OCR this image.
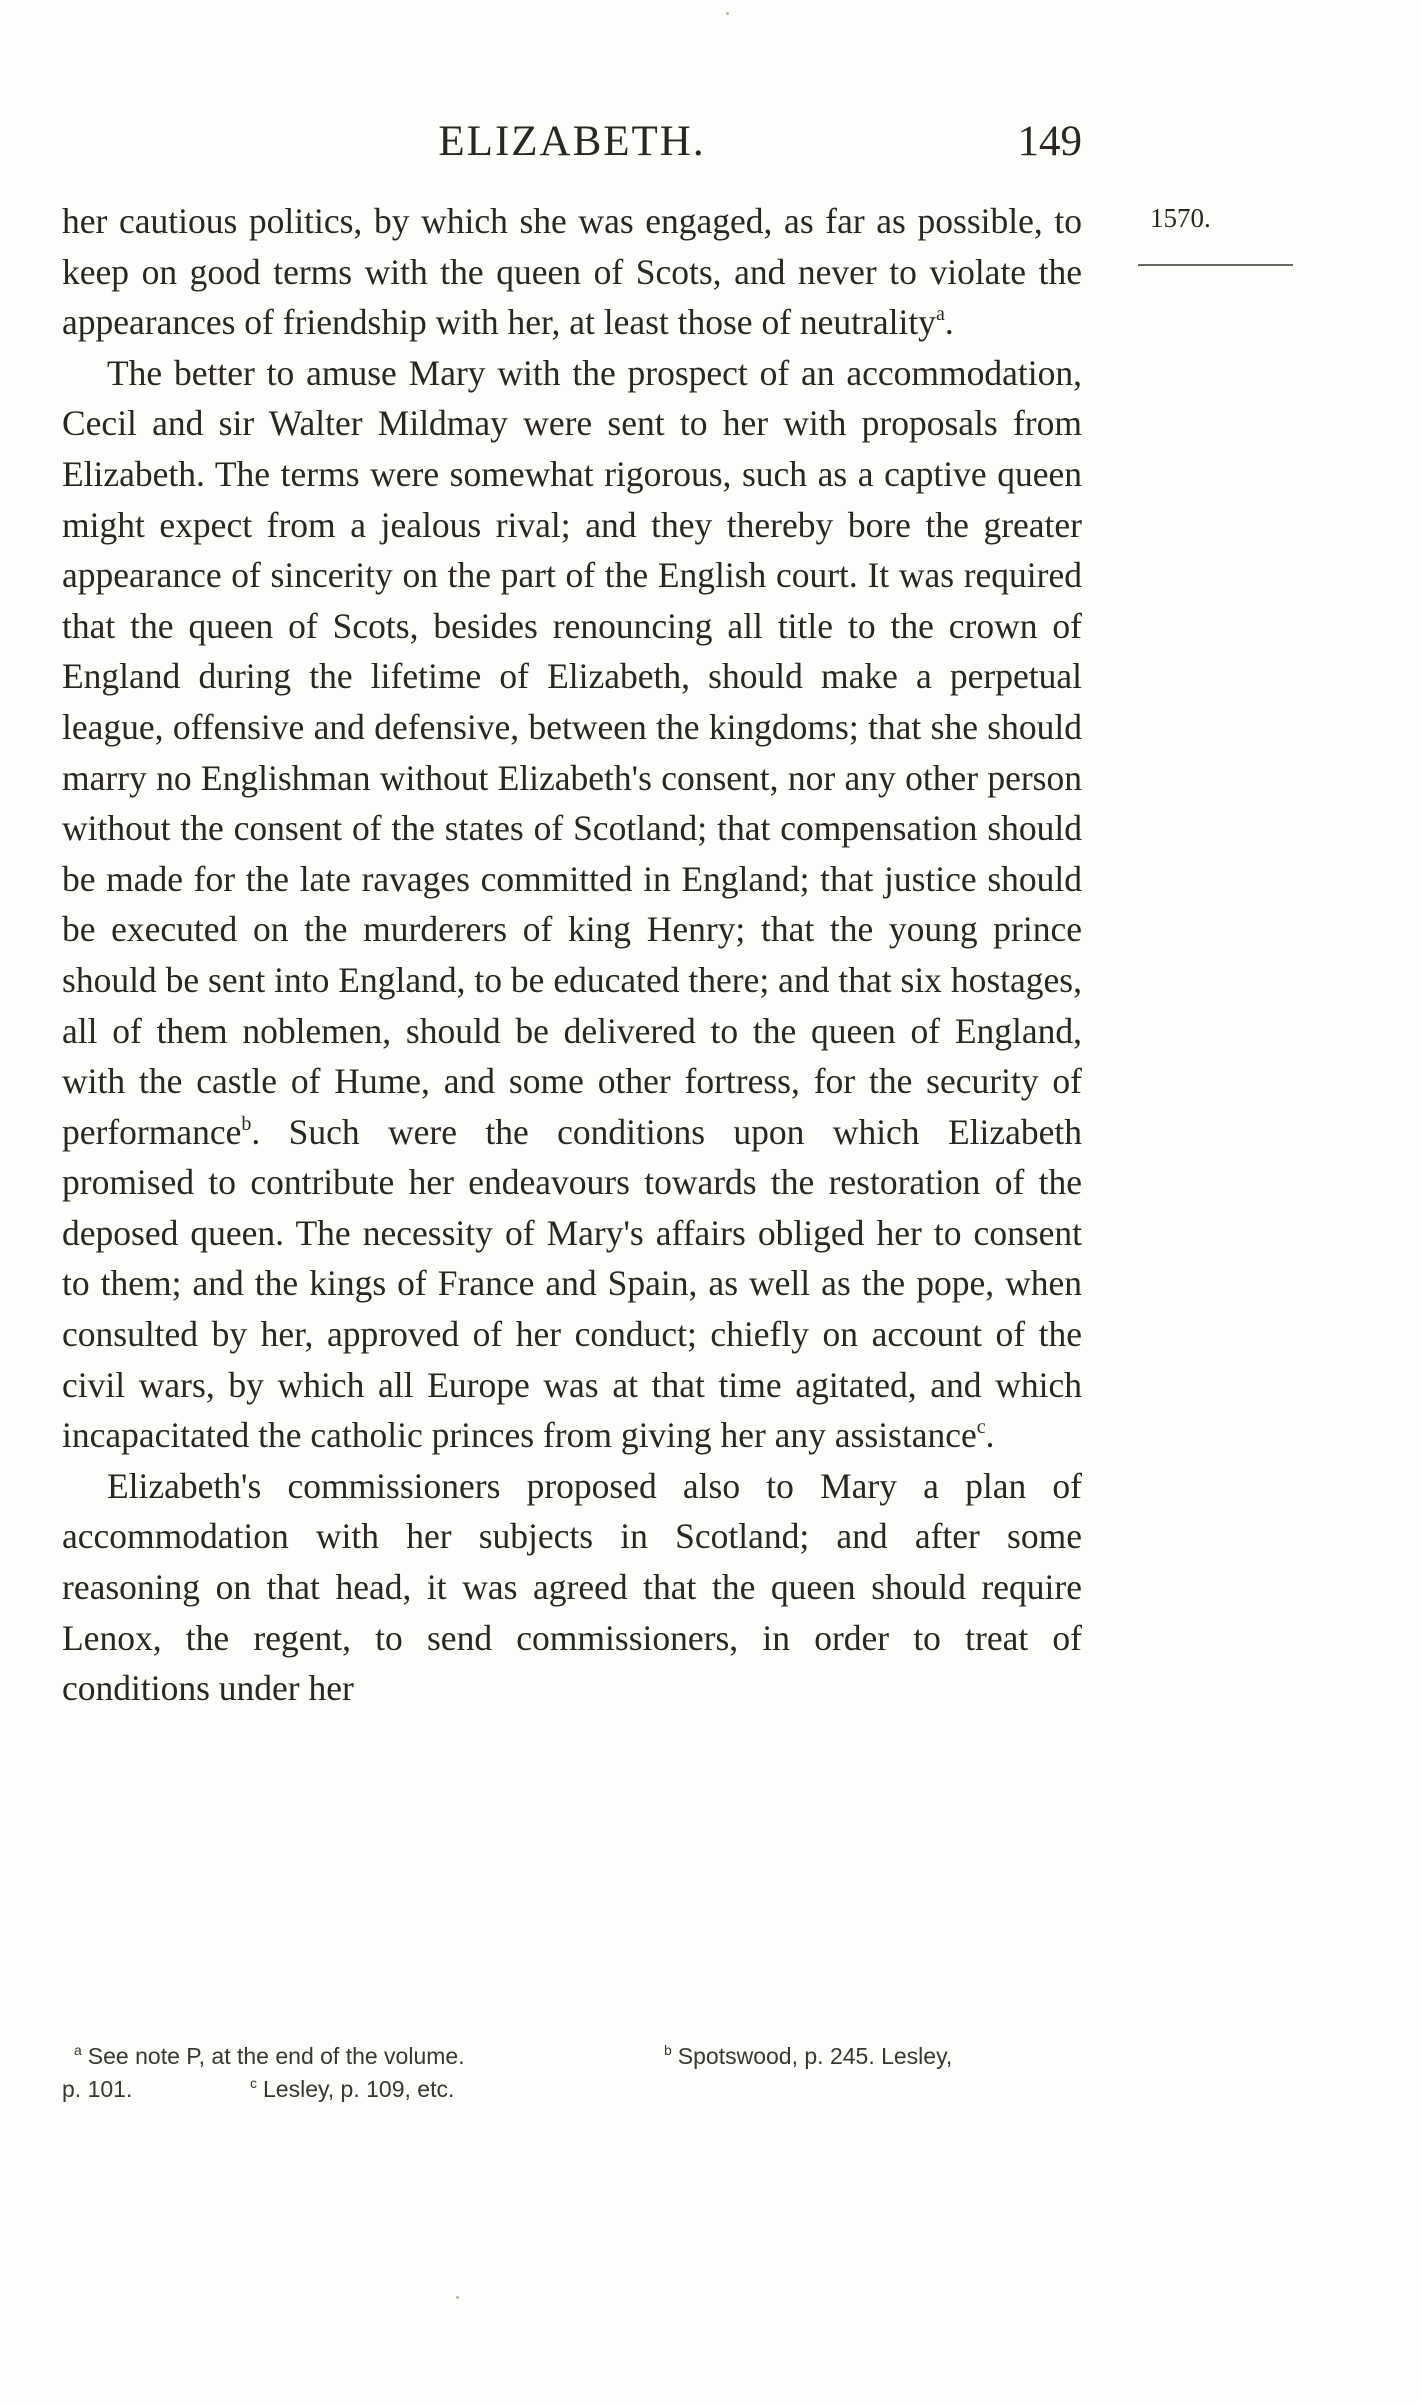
ELIZABETH.	149
1570.

her cautious politics, by which she was engaged, as far as possible, to keep on good terms with the queen of Scots, and never to violate the appearances of friendship with her, at least those of neutrality$^a$.

The better to amuse Mary with the prospect of an accommodation, Cecil and sir Walter Mildmay were sent to her with proposals from Elizabeth. The terms were somewhat rigorous, such as a captive queen might expect from a jealous rival; and they thereby bore the greater appearance of sincerity on the part of the English court. It was required that the queen of Scots, besides renouncing all title to the crown of England during the lifetime of Elizabeth, should make a perpetual league, offensive and defensive, between the kingdoms; that she should marry no Englishman without Elizabeth's consent, nor any other person without the consent of the states of Scotland; that compensation should be made for the late ravages committed in England; that justice should be executed on the murderers of king Henry; that the young prince should be sent into England, to be educated there; and that six hostages, all of them noblemen, should be delivered to the queen of England, with the castle of Hume, and some other fortress, for the security of performance$^b$. Such were the conditions upon which Elizabeth promised to contribute her endeavours towards the restoration of the deposed queen. The necessity of Mary's affairs obliged her to consent to them; and the kings of France and Spain, as well as the pope, when consulted by her, approved of her conduct; chiefly on account of the civil wars, by which all Europe was at that time agitated, and which incapacitated the catholic princes from giving her any assistance$^c$.

Elizabeth's commissioners proposed also to Mary a plan of accommodation with her subjects in Scotland; and after some reasoning on that head, it was agreed that the queen should require Lenox, the regent, to send commissioners, in order to treat of conditions under her

$^a$ See note P, at the end of the volume.	$^b$ Spotswood, p. 245. Lesley,
p. 101.	$^c$ Lesley, p. 109, etc.
